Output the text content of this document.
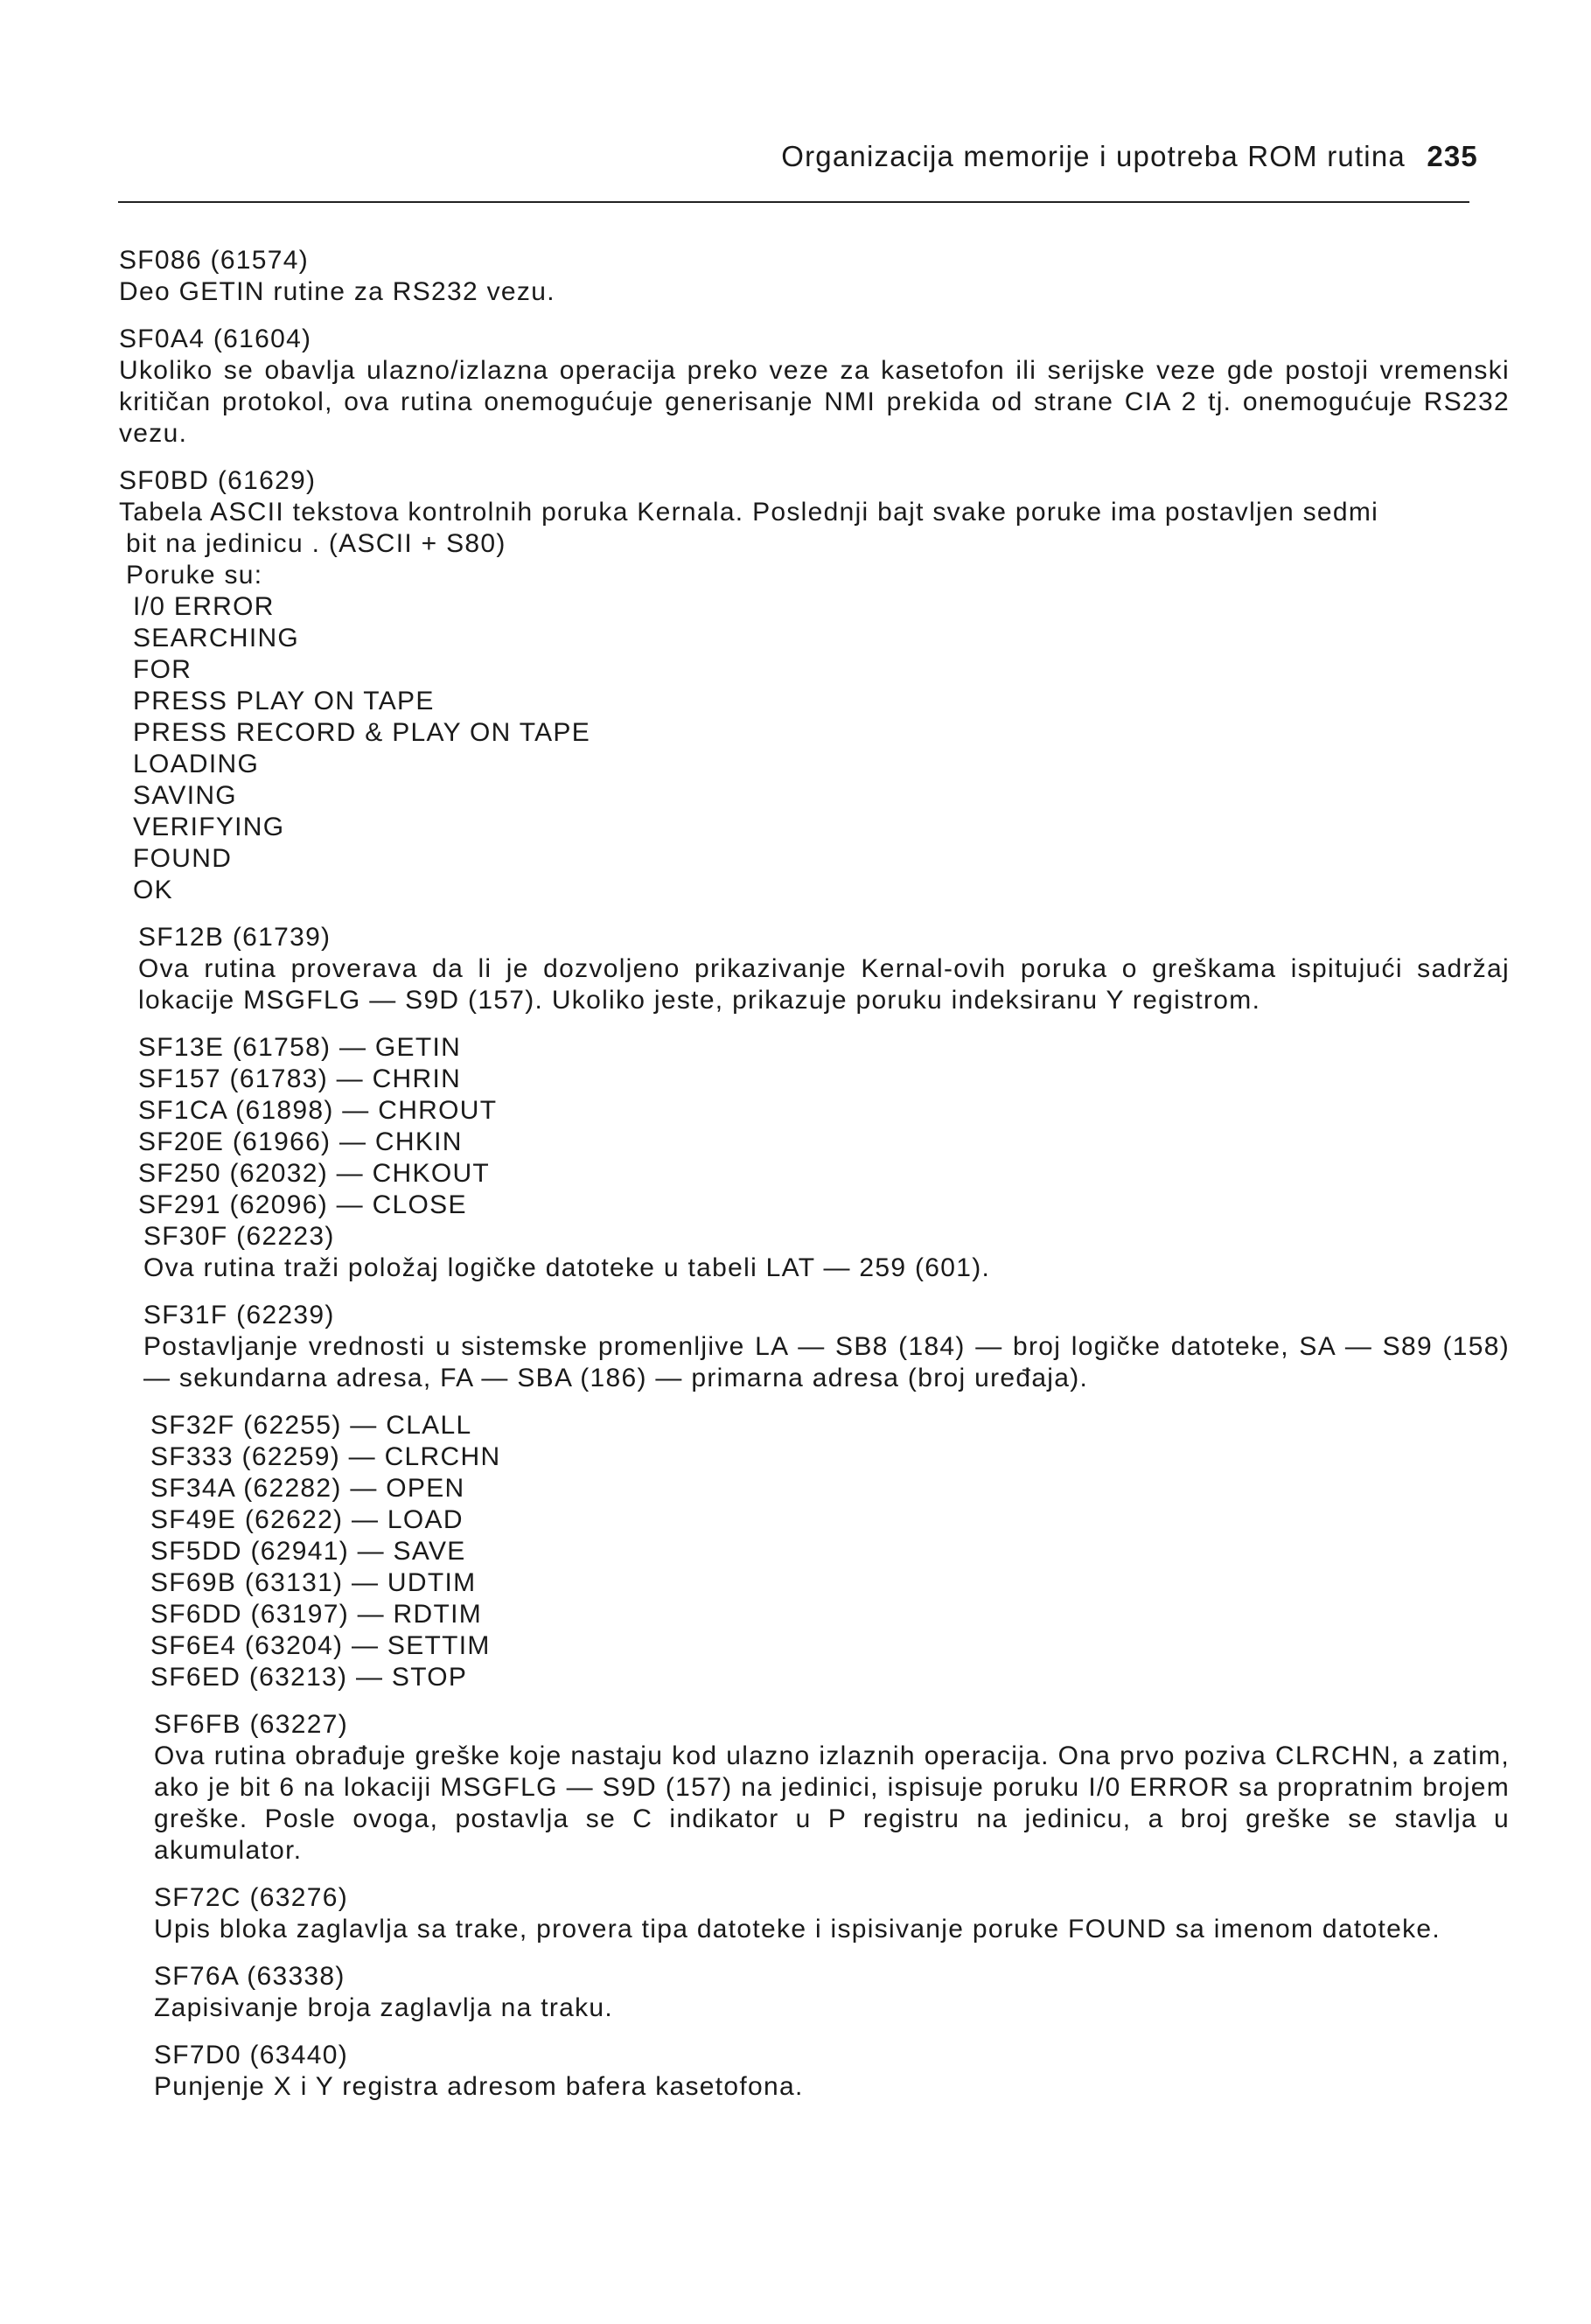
Organizacija memorije i upotreba ROM rutina 235
SF086 (61574)
Deo GETIN rutine za RS232 vezu.
SF0A4 (61604)
Ukoliko se obavlja ulazno/izlazna operacija preko veze za kasetofon ili serijske veze gde postoji vremenski kritičan protokol, ova rutina onemogućuje generisanje NMI prekida od strane CIA 2 tj. onemogućuje RS232 vezu.
SF0BD (61629)
Tabela ASCII tekstova kontrolnih poruka Kernala. Poslednji bajt svake poruke ima postavljen sedmi
bit na jedinicu . (ASCII + S80)
Poruke su:
I/0 ERROR
SEARCHING
FOR
PRESS PLAY ON TAPE
PRESS RECORD & PLAY ON TAPE
LOADING
SAVING
VERIFYING
FOUND
OK
SF12B (61739)
Ova rutina proverava da li je dozvoljeno prikazivanje Kernal-ovih poruka o greškama ispitujući sadržaj lokacije MSGFLG — S9D (157). Ukoliko jeste, prikazuje poruku indeksiranu Y registrom.
SF13E (61758) — GETIN
SF157 (61783) — CHRIN
SF1CA (61898) — CHROUT
SF20E (61966) — CHKIN
SF250 (62032) — CHKOUT
SF291 (62096) — CLOSE
SF30F (62223)
Ova rutina traži položaj logičke datoteke u tabeli LAT — 259 (601).
SF31F (62239)
Postavljanje vrednosti u sistemske promenljive LA — SB8 (184) — broj logičke datoteke, SA — S89 (158) — sekundarna adresa, FA — SBA (186) — primarna adresa (broj uređaja).
SF32F (62255) — CLALL
SF333 (62259) — CLRCHN
SF34A (62282) — OPEN
SF49E (62622) — LOAD
SF5DD (62941) — SAVE
SF69B (63131) — UDTIM
SF6DD (63197) — RDTIM
SF6E4 (63204) — SETTIM
SF6ED (63213) — STOP
SF6FB (63227)
Ova rutina obrađuje greške koje nastaju kod ulazno izlaznih operacija. Ona prvo poziva CLRCHN, a zatim, ako je bit 6 na lokaciji MSGFLG — S9D (157) na jedinici, ispisuje poruku I/0 ERROR sa propratnim brojem greške. Posle ovoga, postavlja se C indikator u P registru na jedinicu, a broj greške se stavlja u akumulator.
SF72C (63276)
Upis bloka zaglavlja sa trake, provera tipa datoteke i ispisivanje poruke FOUND sa imenom datoteke.
SF76A (63338)
Zapisivanje broja zaglavlja na traku.
SF7D0 (63440)
Punjenje X i Y registra adresom bafera kasetofona.
